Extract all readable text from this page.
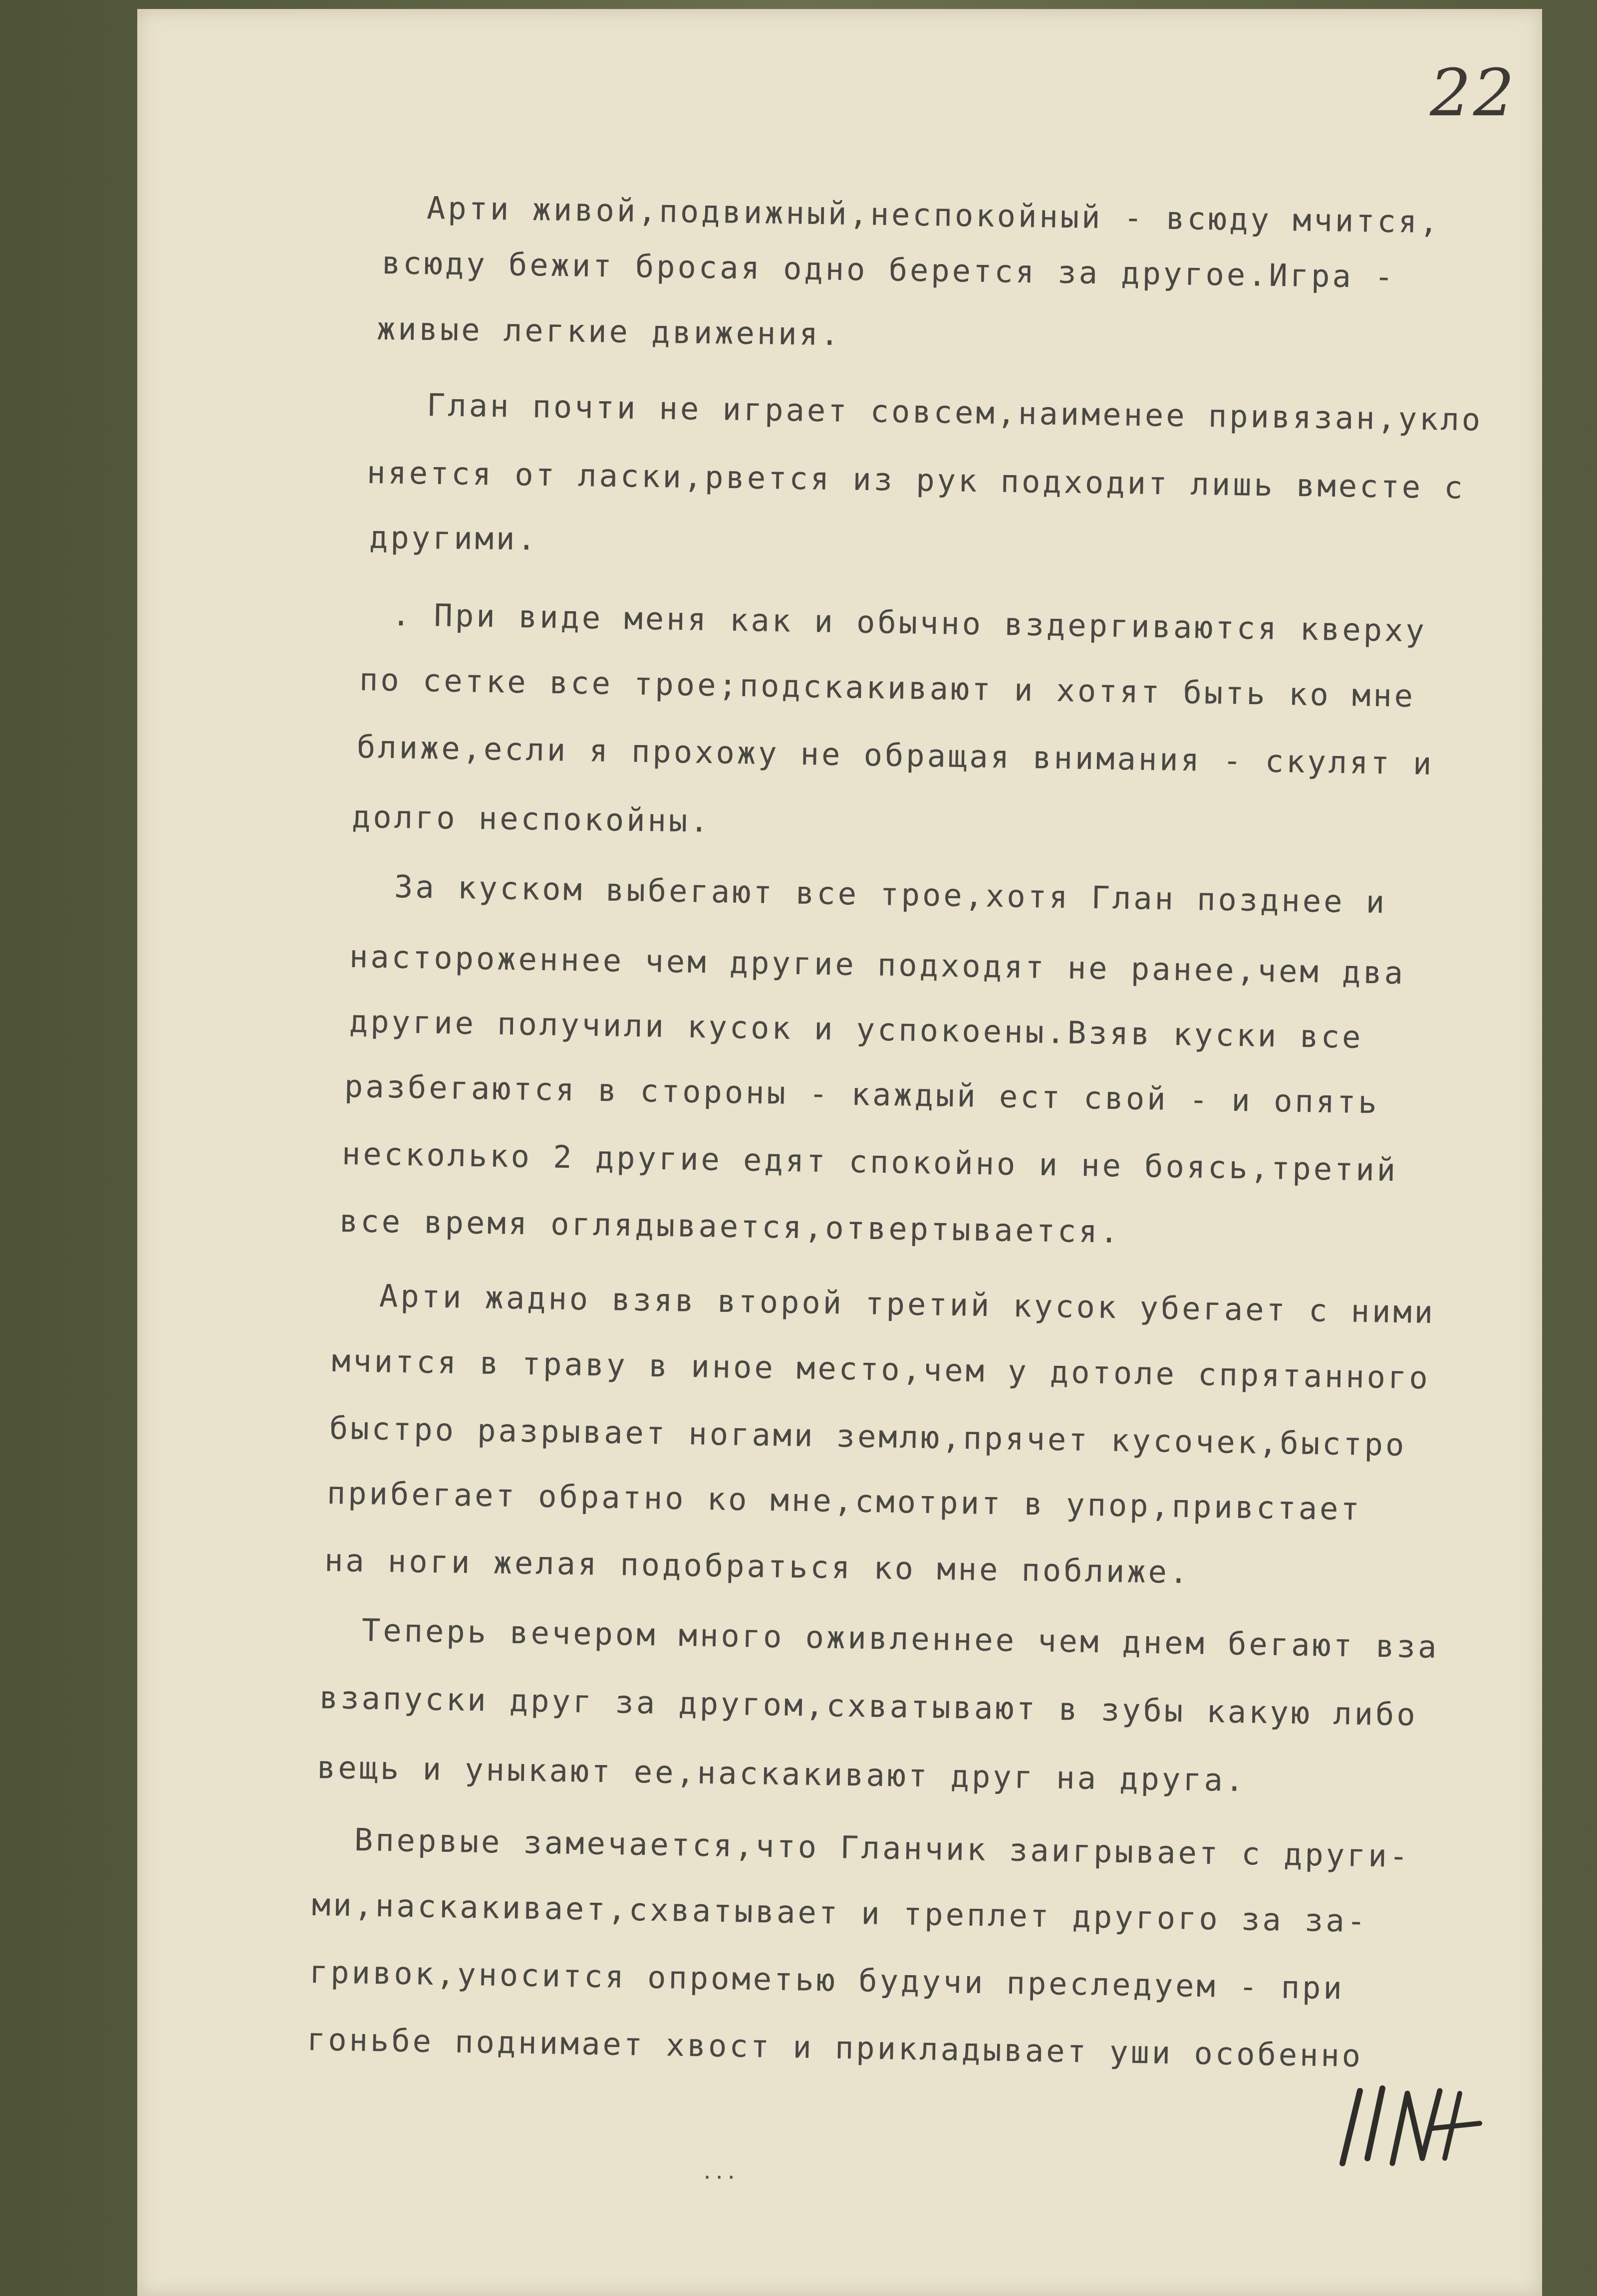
22
Арти живой,подвижный,неспокойный - всюду мчится,
всюду бежит бросая одно берется за другое.Игра -
живые легкие движения.
Глан почти не играет совсем,наименее привязан,укло
няется от ласки,рвется из рук подходит лишь вместе с
другими.
. При виде меня как и обычно вздергиваются кверху
по сетке все трое;подскакивают и хотят быть ко мне
ближе,если я прохожу не обращая внимания - скулят и
долго неспокойны.
За куском выбегают все трое,хотя Глан позднее и
настороженнее чем другие подходят не ранее,чем два
другие получили кусок и успокоены.Взяв куски все
разбегаются в стороны - каждый ест свой - и опять
несколько 2 другие едят спокойно и не боясь,третий
все время оглядывается,отвертывается.
Арти жадно взяв второй третий кусок убегает с ними
мчится в траву в иное место,чем у дотоле спрятанного
быстро разрывает ногами землю,прячет кусочек,быстро
прибегает обратно ко мне,смотрит в упор,привстает
на ноги желая подобраться ко мне поближе.
Теперь вечером много оживленнее чем днем бегают вза
взапуски друг за другом,схватывают в зубы какую либо
вещь и уныкают ее,наскакивают друг на друга.
Впервые замечается,что Гланчик заигрывает с други-
ми,наскакивает,схватывает и треплет другого за за-
гривок,уносится опрометью будучи преследуем - при
гоньбе поднимает хвост и прикладывает уши особенно
...
